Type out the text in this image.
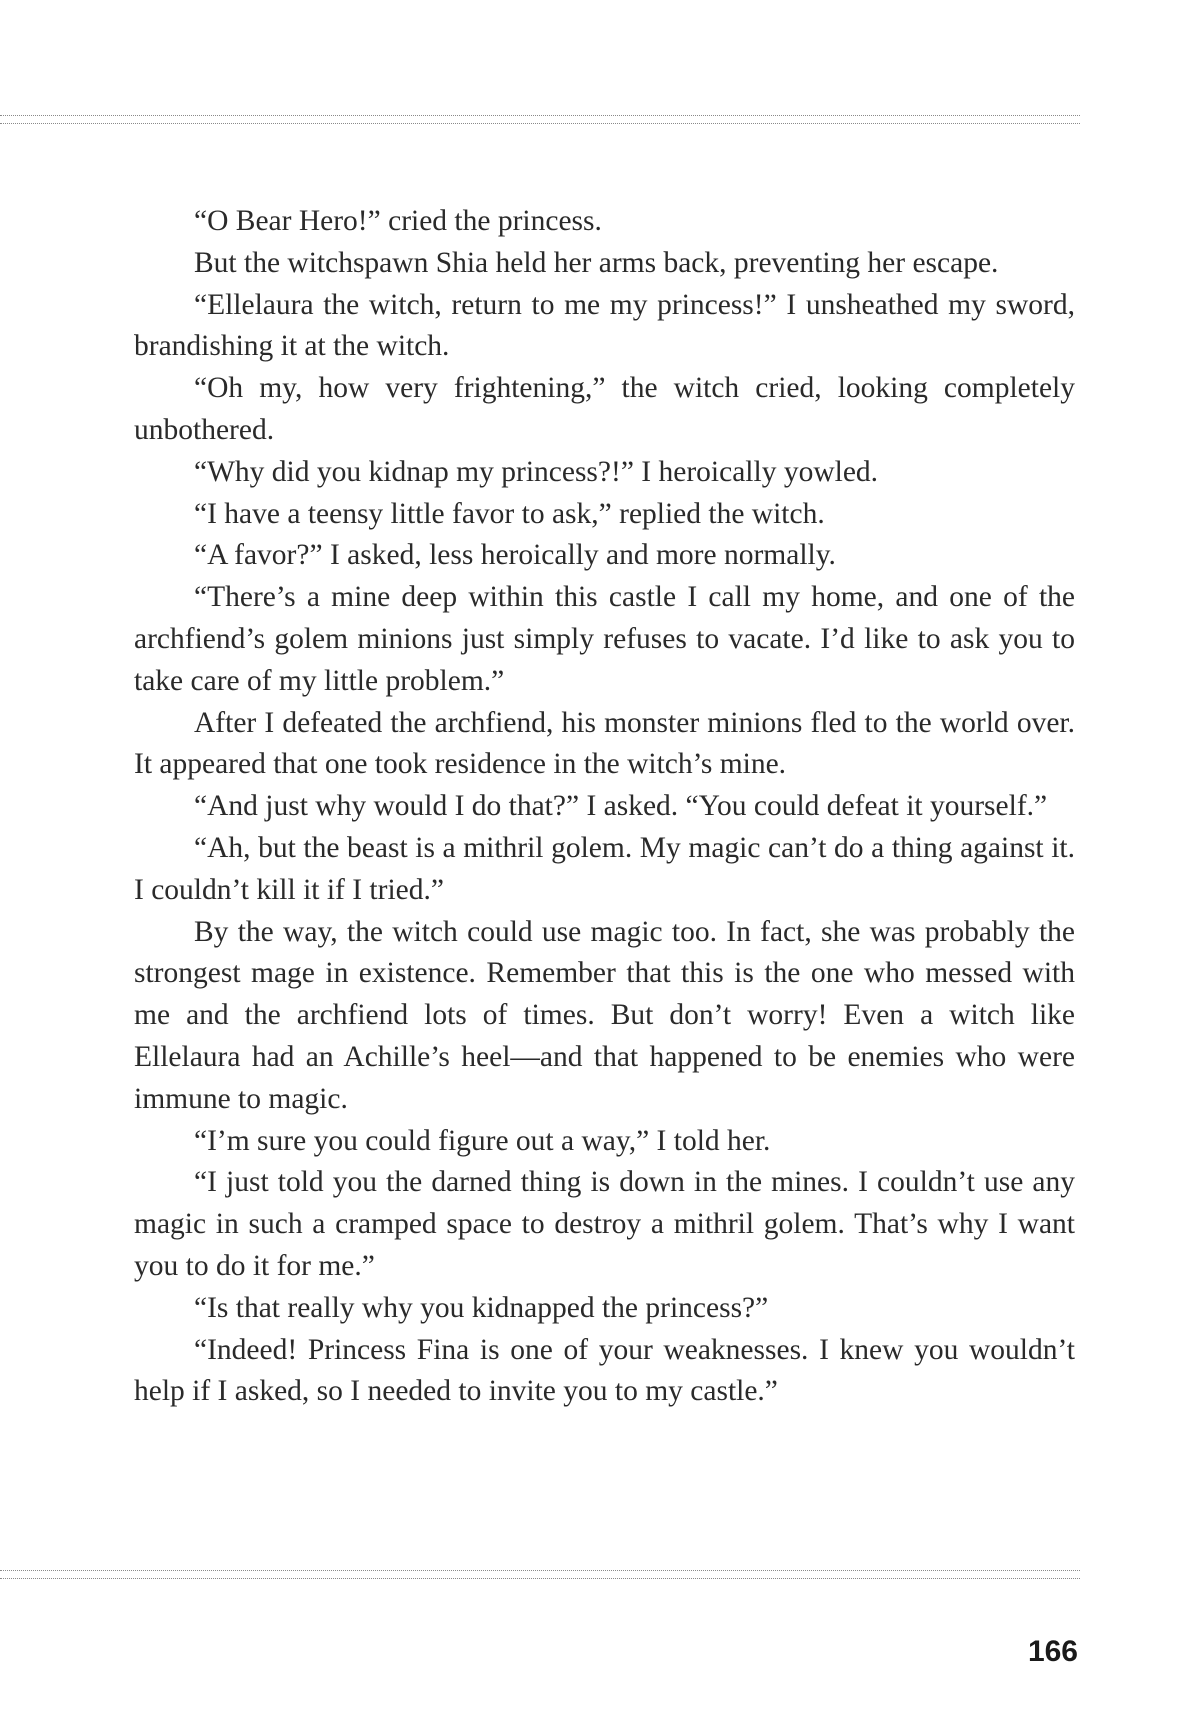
“O Bear Hero!” cried the princess.

But the witchspawn Shia held her arms back, preventing her escape.

“Ellelaura the witch, return to me my princess!” I unsheathed my sword, brandishing it at the witch.

“Oh my, how very frightening,” the witch cried, looking completely unbothered.

“Why did you kidnap my princess?!” I heroically yowled.

“I have a teensy little favor to ask,” replied the witch.

“A favor?” I asked, less heroically and more normally.

“There’s a mine deep within this castle I call my home, and one of the archfiend’s golem minions just simply refuses to vacate. I’d like to ask you to take care of my little problem.”

After I defeated the archfiend, his monster minions fled to the world over. It appeared that one took residence in the witch’s mine.

“And just why would I do that?” I asked. “You could defeat it yourself.”

“Ah, but the beast is a mithril golem. My magic can’t do a thing against it. I couldn’t kill it if I tried.”

By the way, the witch could use magic too. In fact, she was probably the strongest mage in existence. Remember that this is the one who messed with me and the archfiend lots of times. But don’t worry! Even a witch like Ellelaura had an Achille’s heel—and that happened to be enemies who were immune to magic.

“I’m sure you could figure out a way,” I told her.

“I just told you the darned thing is down in the mines. I couldn’t use any magic in such a cramped space to destroy a mithril golem. That’s why I want you to do it for me.”

“Is that really why you kidnapped the princess?”

“Indeed! Princess Fina is one of your weaknesses. I knew you wouldn’t help if I asked, so I needed to invite you to my castle.”

166
